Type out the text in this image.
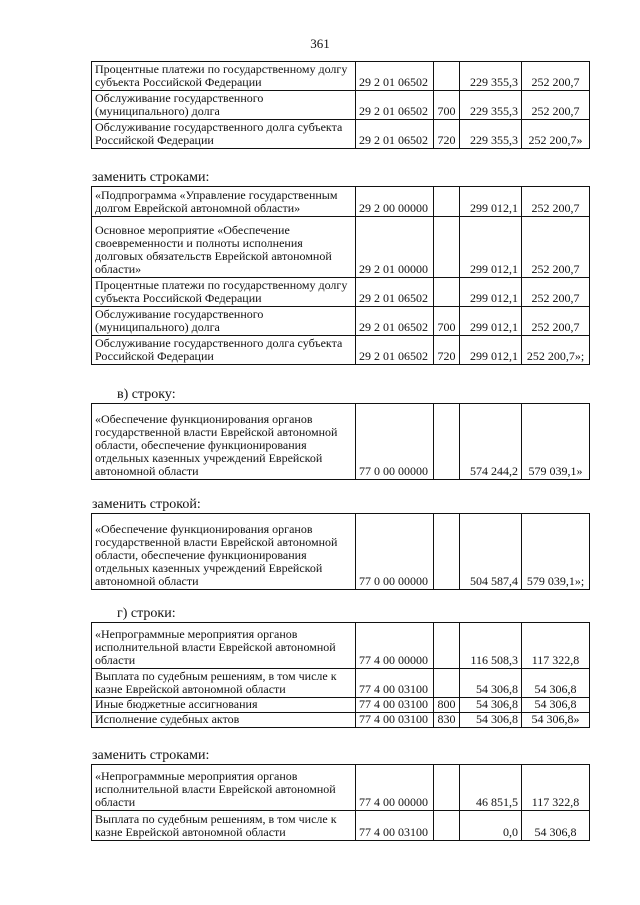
361
Процентные платежи по государственному долгу субъекта Российской Федерации	29 2 01 06502		229 355,3	252 200,7
Обслуживание государственного (муниципального) долга	29 2 01 06502	700	229 355,3	252 200,7
Обслуживание государственного долга субъекта Российской Федерации	29 2 01 06502	720	229 355,3	252 200,7»
заменить строками:
«Подпрограмма «Управление государственным долгом Еврейской автономной области»	29 2 00 00000		299 012,1	252 200,7
Основное мероприятие «Обеспечение своевременности и полноты исполнения долговых обязательств Еврейской автономной области»	29 2 01 00000		299 012,1	252 200,7
Процентные платежи по государственному долгу субъекта Российской Федерации	29 2 01 06502		299 012,1	252 200,7
Обслуживание государственного (муниципального) долга	29 2 01 06502	700	299 012,1	252 200,7
Обслуживание государственного долга субъекта Российской Федерации	29 2 01 06502	720	299 012,1	252 200,7»;
в) строку:
«Обеспечение функционирования органов государственной власти Еврейской автономной области, обеспечение функционирования отдельных казенных учреждений Еврейской автономной области	77 0 00 00000		574 244,2	579 039,1»
заменить строкой:
«Обеспечение функционирования органов государственной власти Еврейской автономной области, обеспечение функционирования отдельных казенных учреждений Еврейской автономной области	77 0 00 00000		504 587,4	579 039,1»;
г) строки:
«Непрограммные мероприятия органов исполнительной власти Еврейской автономной области	77 4 00 00000		116 508,3	117 322,8
Выплата по судебным решениям, в том числе к казне Еврейской автономной области	77 4 00 03100		54 306,8	54 306,8
Иные бюджетные ассигнования	77 4 00 03100	800	54 306,8	54 306,8
Исполнение судебных актов	77 4 00 03100	830	54 306,8	54 306,8»
заменить строками:
«Непрограммные мероприятия органов исполнительной власти Еврейской автономной области	77 4 00 00000		46 851,5	117 322,8
Выплата по судебным решениям, в том числе к казне Еврейской автономной области	77 4 00 03100		0,0	54 306,8
